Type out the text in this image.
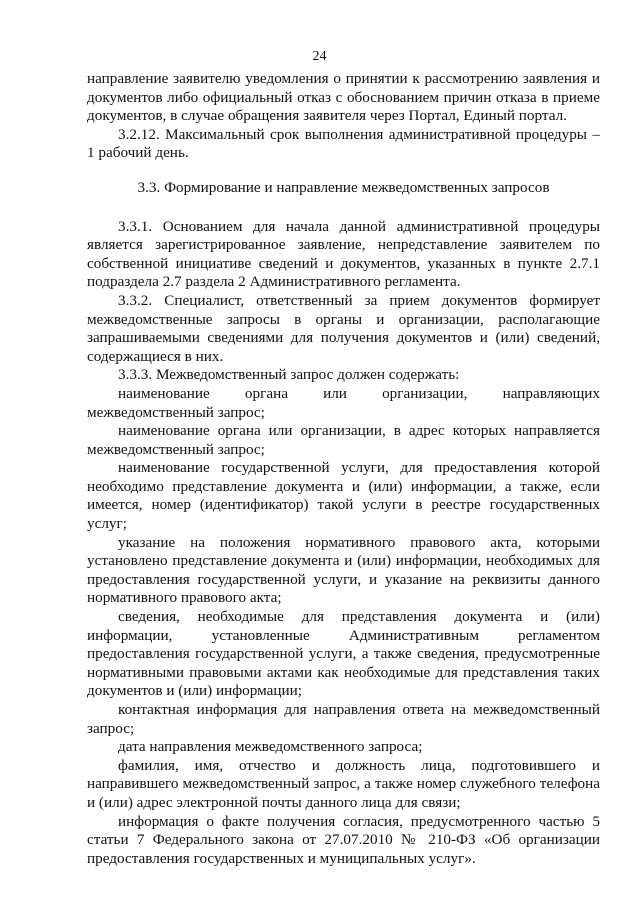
24

направление заявителю уведомления о принятии к рассмотрению заявления и документов либо официальный отказ с обоснованием причин отказа в приеме документов, в случае обращения заявителя через Портал, Единый портал.

3.2.12. Максимальный срок выполнения административной процедуры – 1 рабочий день.

3.3. Формирование и направление межведомственных запросов

3.3.1. Основанием для начала данной административной процедуры является зарегистрированное заявление, непредставление заявителем по собственной инициативе сведений и документов, указанных в пункте 2.7.1 подраздела 2.7 раздела 2 Административного регламента.

3.3.2. Специалист, ответственный за прием документов формирует межведомственные запросы в органы и организации, располагающие запрашиваемыми сведениями для получения документов и (или) сведений, содержащиеся в них.

3.3.3. Межведомственный запрос должен содержать:

наименование органа или организации, направляющих межведомственный запрос;

наименование органа или организации, в адрес которых направляется межведомственный запрос;

наименование государственной услуги, для предоставления которой необходимо представление документа и (или) информации, а также, если имеется, номер (идентификатор) такой услуги в реестре государственных услуг;

указание на положения нормативного правового акта, которыми установлено представление документа и (или) информации, необходимых для предоставления государственной услуги, и указание на реквизиты данного нормативного правового акта;

сведения, необходимые для представления документа и (или) информации, установленные Административным регламентом предоставления государственной услуги, а также сведения, предусмотренные нормативными правовыми актами как необходимые для представления таких документов и (или) информации;

контактная информация для направления ответа на межведомственный запрос;

дата направления межведомственного запроса;

фамилия, имя, отчество и должность лица, подготовившего и направившего межведомственный запрос, а также номер служебного телефона и (или) адрес электронной почты данного лица для связи;

информация о факте получения согласия, предусмотренного частью 5 статьи 7 Федерального закона от 27.07.2010 № 210-ФЗ «Об организации предоставления государственных и муниципальных услуг».
